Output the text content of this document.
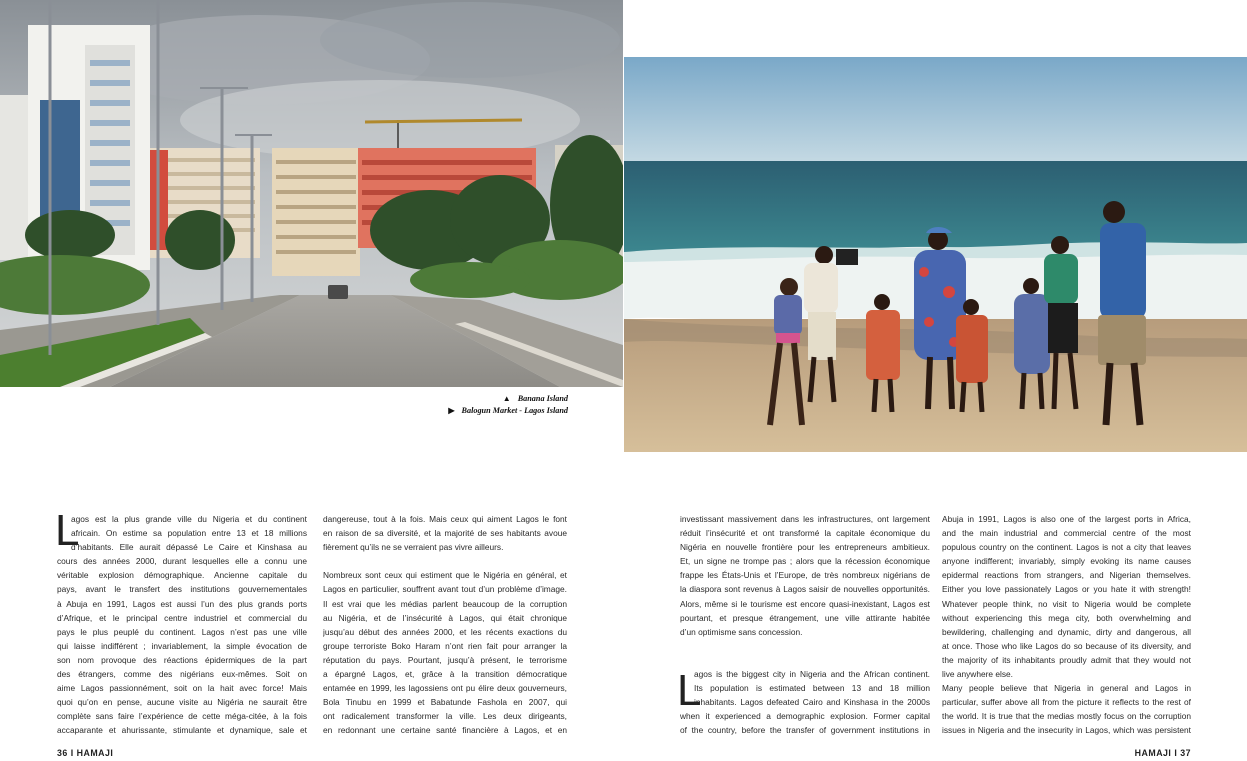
▲ Banana Island
▶ Balogun Market - Lagos Island
L
L
agos est la plus grande ville du Nigeria et du continent
africain. On estime sa population entre 13 et 18 millions
d’habitants. Elle aurait dépassé Le Caire et Kinshasa au
cours des années 2000, durant lesquelles elle a connu une
véritable explosion démographique. Ancienne capitale du
pays, avant le transfert des institutions gouvernementales
à Abuja en 1991, Lagos est aussi l’un des plus grands ports
d’Afrique, et le principal centre industriel et commercial du
pays le plus peuplé du continent. Lagos n’est pas une ville
qui laisse indifférent ; invariablement, la simple évocation de
son nom provoque des réactions épidermiques de la part
des étrangers, comme des nigérians eux-mêmes. Soit on
aime Lagos passionnément, soit on la hait avec force! Mais
quoi qu’on en pense, aucune visite au Nigéria ne saurait être
complète sans faire l’expérience de cette méga-citée, à la fois
accaparante et ahurissante, stimulante et dynamique, sale et
dangereuse, tout à la fois. Mais ceux qui aiment Lagos le font
en raison de sa diversité, et la majorité de ses habitants avoue
fièrement qu’ils ne se verraient pas vivre ailleurs.
Nombreux sont ceux qui estiment que le Nigéria en général, et
Lagos en particulier, souffrent avant tout d’un problème d’image.
Il est vrai que les médias parlent beaucoup de la corruption
au Nigéria, et de l’insécurité à Lagos, qui était chronique
jusqu’au début des années 2000, et les récents exactions du
groupe terroriste Boko Haram n’ont rien fait pour arranger la
réputation du pays. Pourtant, jusqu’à présent, le terrorisme
a épargné Lagos, et, grâce à la transition démocratique
entamée en 1999, les lagossiens ont pu élire deux gouverneurs,
Bola Tinubu en 1999 et Babatunde Fashola en 2007, qui
ont radicalement transformer la ville. Les deux dirigeants,
en redonnant une certaine santé financière à Lagos, et en
investissant massivement dans les infrastructures, ont largement
réduit l’insécurité et ont transformé la capitale économique du
Nigéria en nouvelle frontière pour les entrepreneurs ambitieux.
Et, un signe ne trompe pas ; alors que la récession économique
frappe les États-Unis et l’Europe, de très nombreux nigérians de
la diaspora sont revenus à Lagos saisir de nouvelles opportunités.
Alors, même si le tourisme est encore quasi-inexistant, Lagos est
pourtant, et presque étrangement, une ville attirante habitée
d’un optimisme sans concession.
agos is the biggest city in Nigeria and the African continent.
Its population is estimated between 13 and 18 million
inhabitants. Lagos defeated Cairo and Kinshasa in the 2000s
when it experienced a demographic explosion. Former capital
of the country, before the transfer of government institutions in
Abuja in 1991, Lagos is also one of the largest ports in Africa,
and the main industrial and commercial centre of the most
populous country on the continent. Lagos is not a city that leaves
anyone indifferent; invariably, simply evoking its name causes
epidermal reactions from strangers, and Nigerian themselves.
Either you love passionately Lagos or you hate it with strength!
Whatever people think, no visit to Nigeria would be complete
without experiencing this mega city, both overwhelming and
bewildering, challenging and dynamic, dirty and dangerous, all
at once. Those who like Lagos do so because of its diversity, and
the majority of its inhabitants proudly admit that they would not
live anywhere else.
Many people believe that Nigeria in general and Lagos in
particular, suffer above all from the picture it reflects to the rest of
the world. It is true that the medias mostly focus on the corruption
issues in Nigeria and the insecurity in Lagos, which was persistent
36 I HAMAJI	HAMAJI I 37
